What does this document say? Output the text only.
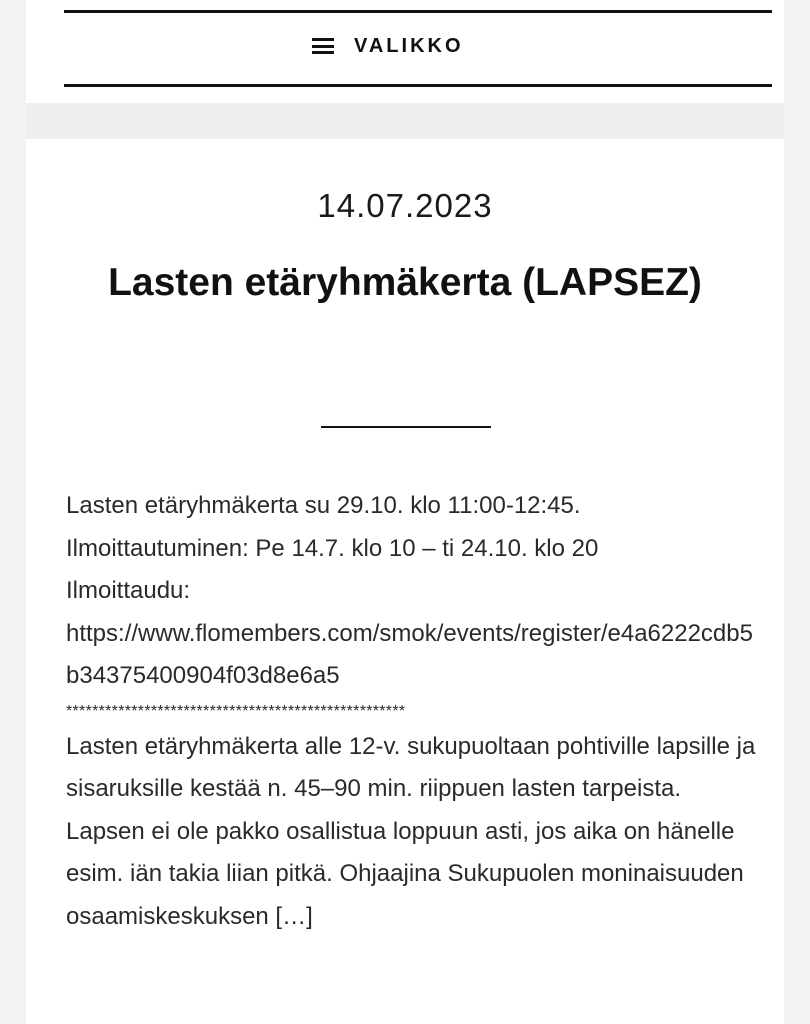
VALIKKO
14.07.2023
Lasten etäryhmäkerta (LAPSEZ)

Lasten etäryhmäkerta su 29.10. klo 11:00-12:45.

Ilmoittautuminen: Pe 14.7. klo 10 – ti 24.10. klo 20

Ilmoittaudu:

https://www.flomembers.com/smok/events/register/e4a6222cdb5b34375400904f03d8e6a5

****************************************************

Lasten etäryhmäkerta alle 12-v. sukupuoltaan pohtiville lapsille ja sisaruksille kestää n. 45–90 min. riippuen lasten tarpeista. Lapsen ei ole pakko osallistua loppuun asti, jos aika on hänelle esim. iän takia liian pitkä. Ohjaajina Sukupuolen moninaisuuden osaamiskeskuksen […]
